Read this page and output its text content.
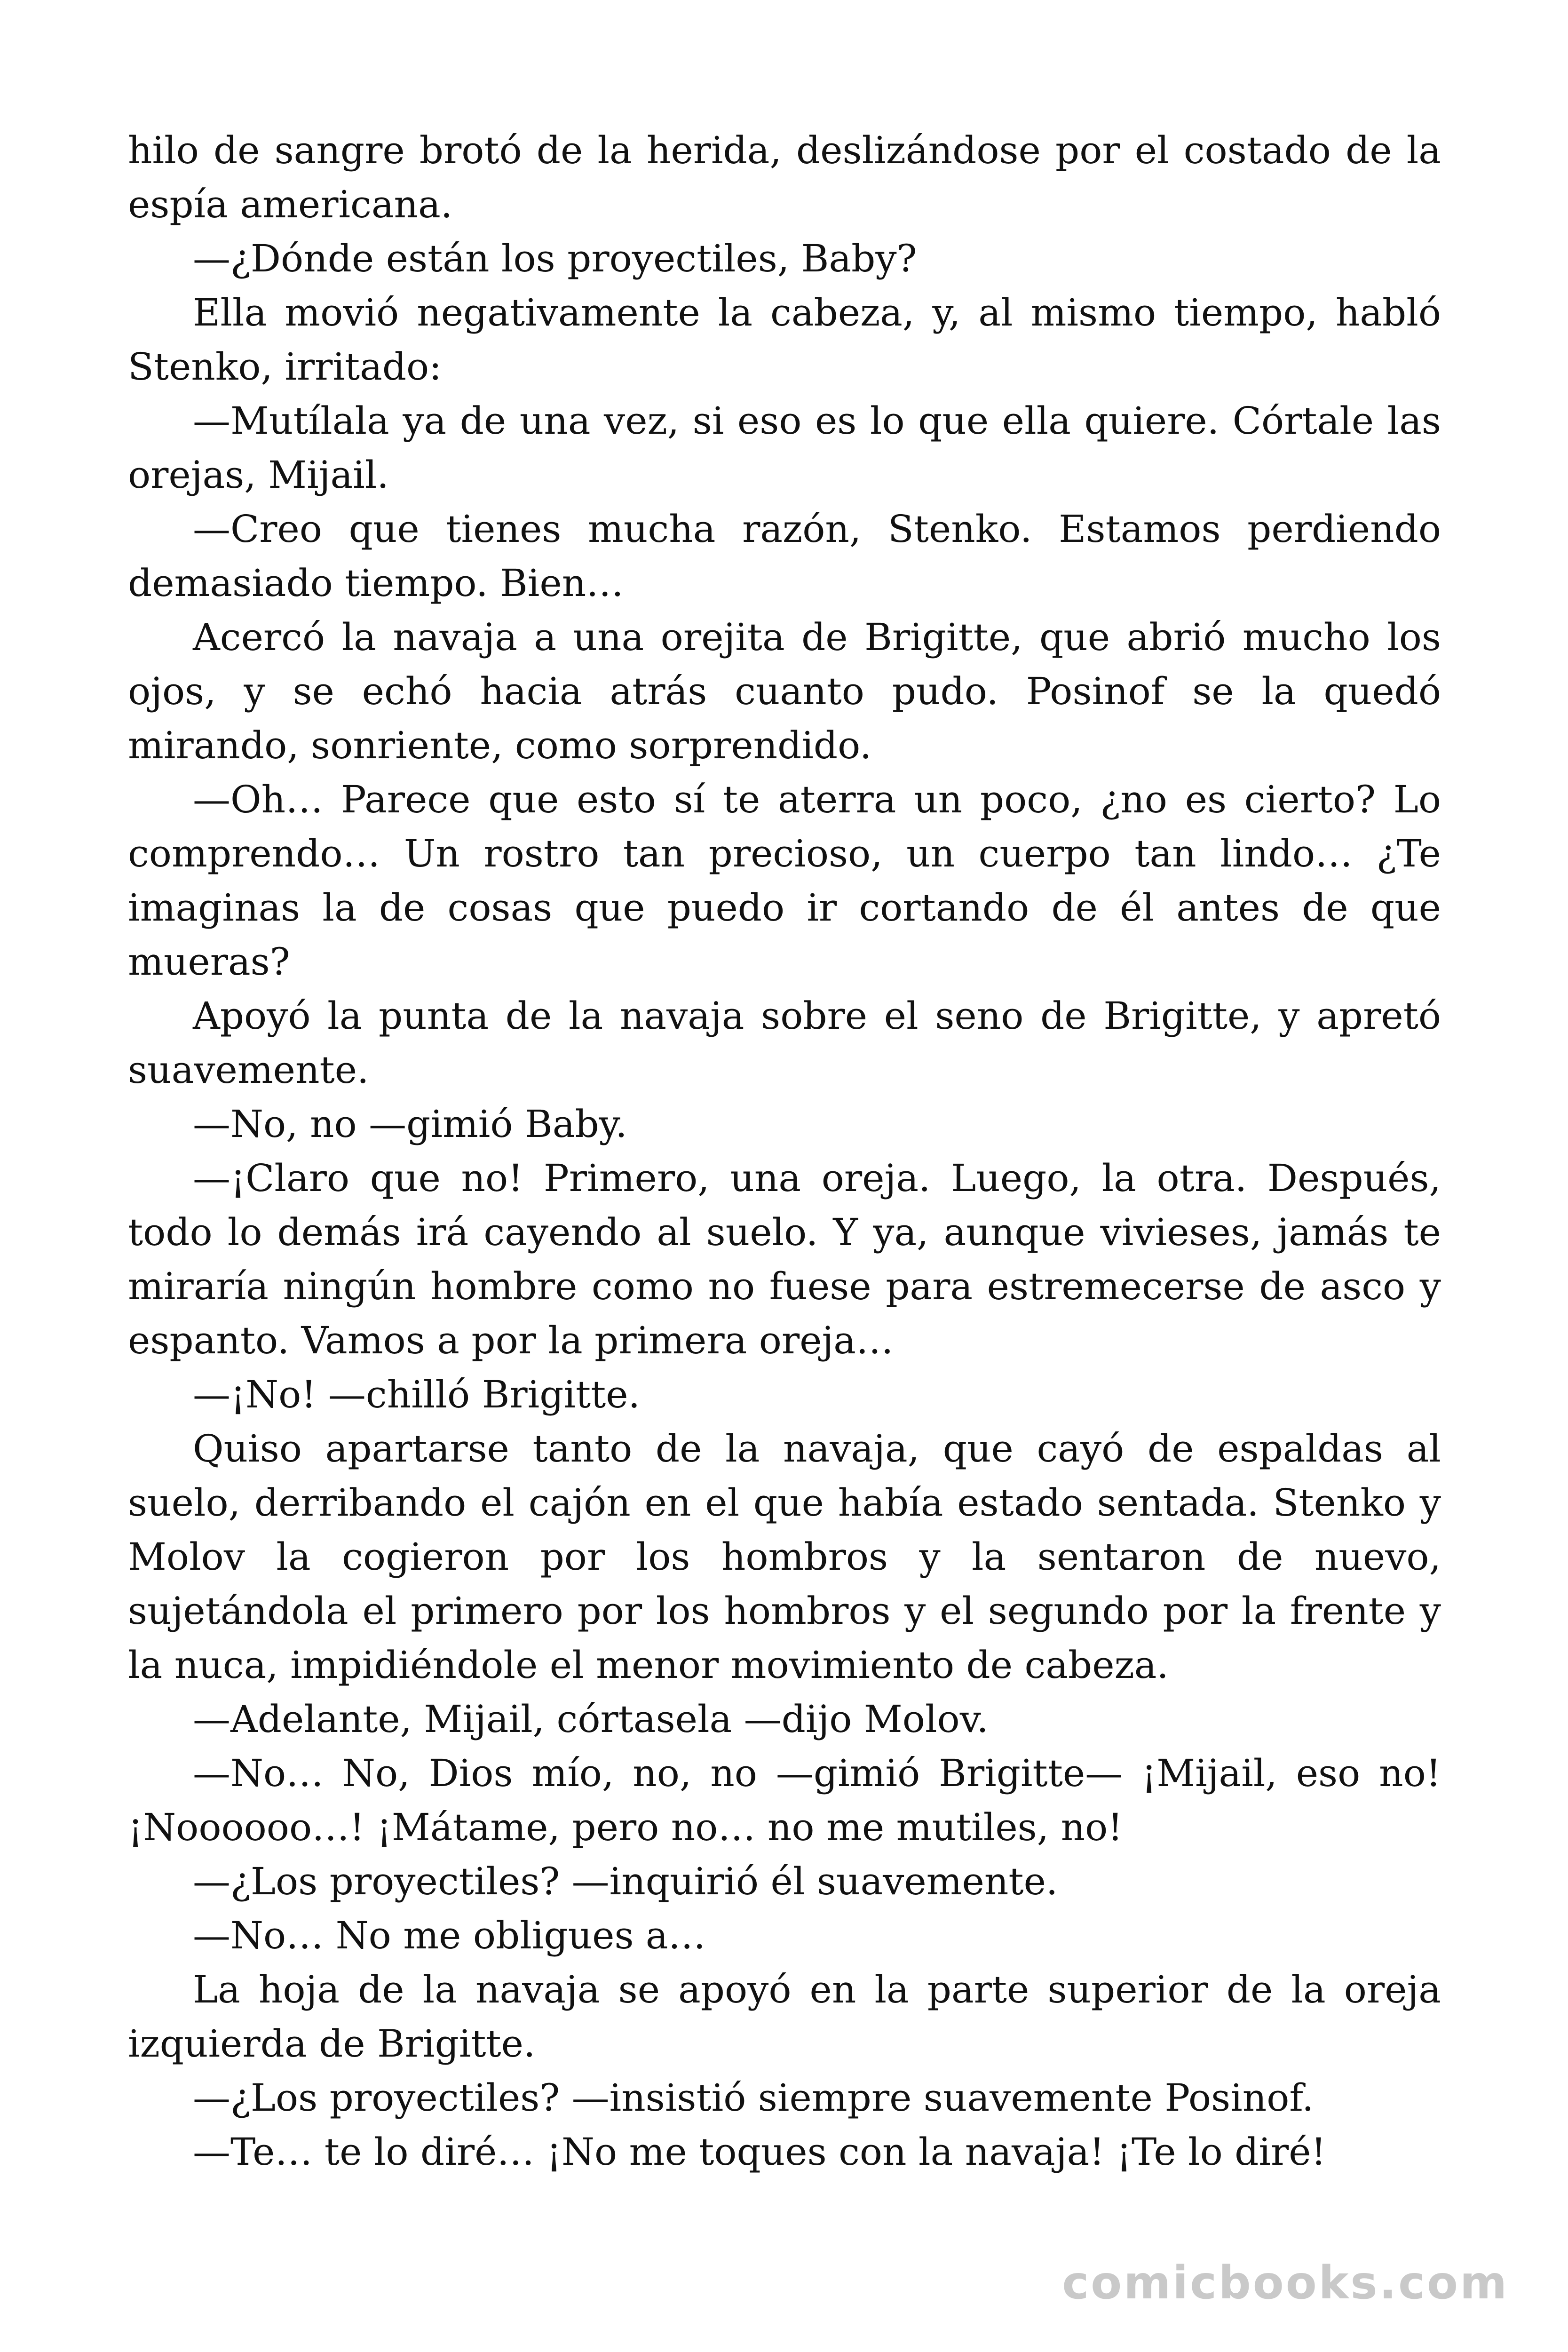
hilo de sangre brotó de la herida, deslizándose por el costado de la espía americana.

—¿Dónde están los proyectiles, Baby?

Ella movió negativamente la cabeza, y, al mismo tiempo, habló Stenko, irritado:

—Mutílala ya de una vez, si eso es lo que ella quiere. Córtale las orejas, Mijail.

—Creo que tienes mucha razón, Stenko. Estamos perdiendo demasiado tiempo. Bien…

Acercó la navaja a una orejita de Brigitte, que abrió mucho los ojos, y se echó hacia atrás cuanto pudo. Posinof se la quedó mirando, sonriente, como sorprendido.

—Oh… Parece que esto sí te aterra un poco, ¿no es cierto? Lo comprendo… Un rostro tan precioso, un cuerpo tan lindo… ¿Te imaginas la de cosas que puedo ir cortando de él antes de que mueras?

Apoyó la punta de la navaja sobre el seno de Brigitte, y apretó suavemente.

—No, no —gimió Baby.

—¡Claro que no! Primero, una oreja. Luego, la otra. Después, todo lo demás irá cayendo al suelo. Y ya, aunque vivieses, jamás te miraría ningún hombre como no fuese para estremecerse de asco y espanto. Vamos a por la primera oreja…

—¡No! —chilló Brigitte.

Quiso apartarse tanto de la navaja, que cayó de espaldas al suelo, derribando el cajón en el que había estado sentada. Stenko y Molov la cogieron por los hombros y la sentaron de nuevo, sujetándola el primero por los hombros y el segundo por la frente y la nuca, impidiéndole el menor movimiento de cabeza.

—Adelante, Mijail, córtasela —dijo Molov.

—No… No, Dios mío, no, no —gimió Brigitte— ¡Mijail, eso no! ¡Noooooo…! ¡Mátame, pero no… no me mutiles, no!

—¿Los proyectiles? —inquirió él suavemente.

—No… No me obligues a…

La hoja de la navaja se apoyó en la parte superior de la oreja izquierda de Brigitte.

—¿Los proyectiles? —insistió siempre suavemente Posinof.

—Te… te lo diré… ¡No me toques con la navaja! ¡Te lo diré!

comicbooks.com
